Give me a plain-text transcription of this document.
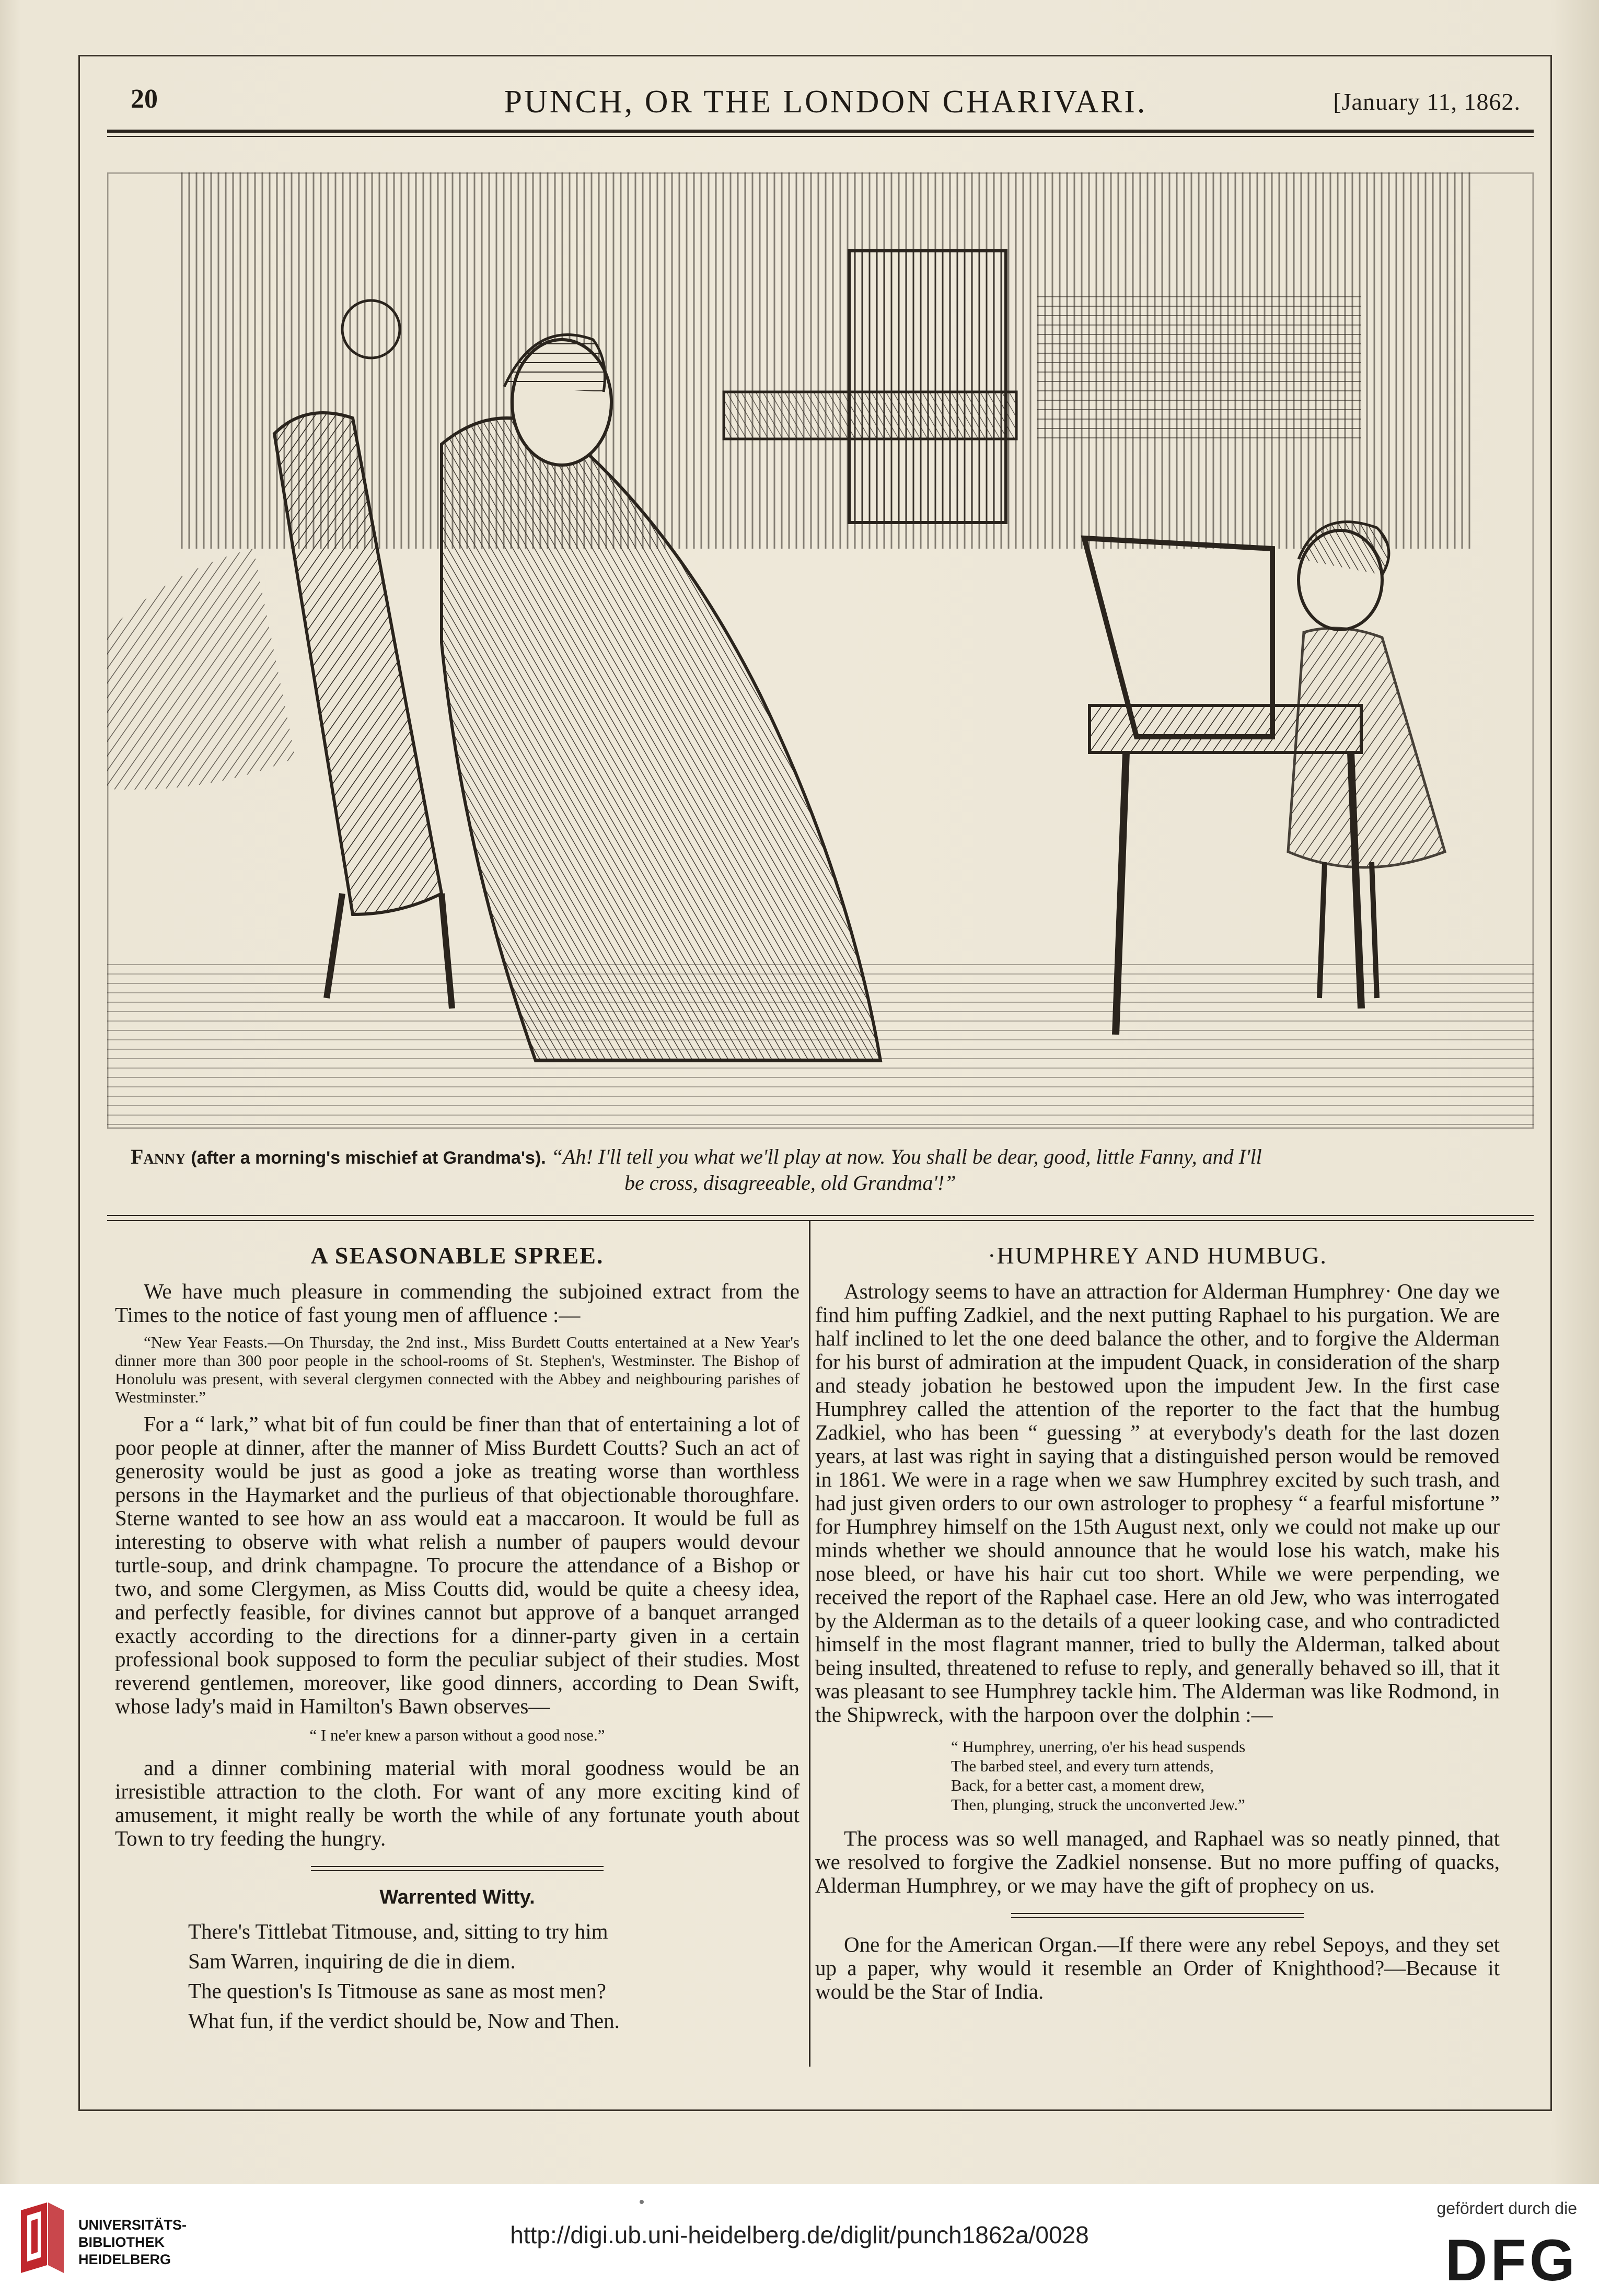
20	PUNCH, OR THE LONDON CHARIVARI.	[January 11, 1862.
Fanny (after a morning's mischief at Grandma's). “Ah! I'll tell you what we'll play at now. You shall be dear, good, little Fanny, and I'll
be cross, disagreeable, old Grandma'!”
A SEASONABLE SPREE.

We have much pleasure in commending the subjoined extract from the Times to the notice of fast young men of affluence :—

“New Year Feasts.—On Thursday, the 2nd inst., Miss Burdett Coutts entertained at a New Year's dinner more than 300 poor people in the school-rooms of St. Stephen's, Westminster. The Bishop of Honolulu was present, with several clergymen connected with the Abbey and neighbouring parishes of Westminster.”

For a “ lark,” what bit of fun could be finer than that of entertaining a lot of poor people at dinner, after the manner of Miss Burdett Coutts? Such an act of generosity would be just as good a joke as treating worse than worthless persons in the Haymarket and the purlieus of that objectionable thoroughfare. Sterne wanted to see how an ass would eat a maccaroon. It would be full as interesting to observe with what relish a number of paupers would devour turtle-soup, and drink champagne. To procure the attendance of a Bishop or two, and some Clergymen, as Miss Coutts did, would be quite a cheesy idea, and perfectly feasible, for divines cannot but approve of a banquet arranged exactly according to the directions for a dinner-party given in a certain professional book supposed to form the peculiar subject of their studies. Most reverend gentlemen, moreover, like good dinners, according to Dean Swift, whose lady's maid in Hamilton's Bawn observes—

“ I ne'er knew a parson without a good nose.”

and a dinner combining material with moral goodness would be an irresistible attraction to the cloth. For want of any more exciting kind of amusement, it might really be worth the while of any fortunate youth about Town to try feeding the hungry.

Warrented Witty.

There's Tittlebat Titmouse, and, sitting to try him

Sam Warren, inquiring de die in diem.

The question's Is Titmouse as sane as most men?

What fun, if the verdict should be, Now and Then.

·HUMPHREY AND HUMBUG.

Astrology seems to have an attraction for Alderman Humphrey· One day we find him puffing Zadkiel, and the next putting Raphael to his purgation. We are half inclined to let the one deed balance the other, and to forgive the Alderman for his burst of admiration at the impudent Quack, in consideration of the sharp and steady jobation he bestowed upon the impudent Jew. In the first case Humphrey called the attention of the reporter to the fact that the humbug Zadkiel, who has been “ guessing ” at everybody's death for the last dozen years, at last was right in saying that a distinguished person would be removed in 1861. We were in a rage when we saw Humphrey excited by such trash, and had just given orders to our own astrologer to prophesy “ a fearful misfortune ” for Humphrey himself on the 15th August next, only we could not make up our minds whether we should announce that he would lose his watch, make his nose bleed, or have his hair cut too short. While we were perpending, we received the report of the Raphael case. Here an old Jew, who was interrogated by the Alderman as to the details of a queer looking case, and who contradicted himself in the most flagrant manner, tried to bully the Alderman, talked about being insulted, threatened to refuse to reply, and generally behaved so ill, that it was pleasant to see Humphrey tackle him. The Alderman was like Rodmond, in the Shipwreck, with the harpoon over the dolphin :—

“ Humphrey, unerring, o'er his head suspends
The barbed steel, and every turn attends,
Back, for a better cast, a moment drew,
Then, plunging, struck the unconverted Jew.”

The process was so well managed, and Raphael was so neatly pinned, that we resolved to forgive the Zadkiel nonsense. But no more puffing of quacks, Alderman Humphrey, or we may have the gift of prophecy on us.

One for the American Organ.—If there were any rebel Sepoys, and they set up a paper, why would it resemble an Order of Knighthood?—Because it would be the Star of India.

UNIVERSITÄTS-
BIBLIOTHEK
HEIDELBERG
http://digi.ub.uni-heidelberg.de/diglit/punch1862a/0028
gefördert durch die
DFG
